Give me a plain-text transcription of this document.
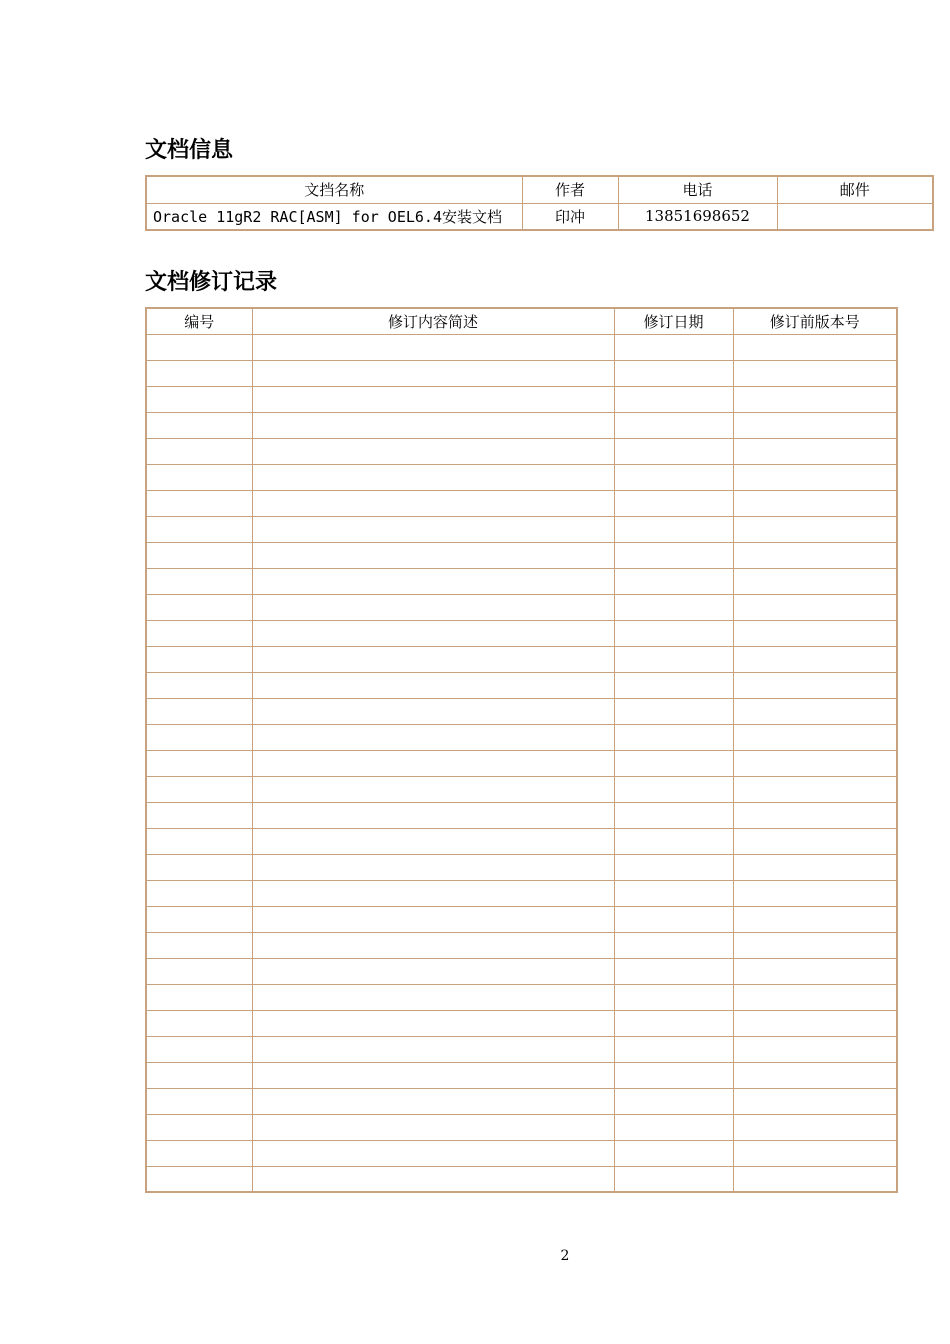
文档信息
文挡名称	作者	电话	邮件
Oracle 11gR2 RAC[ASM] for OEL6.4安装文档	印冲	13851698652	
文档修订记录
编号	修订内容简述	修订日期	修订前版本号

2
